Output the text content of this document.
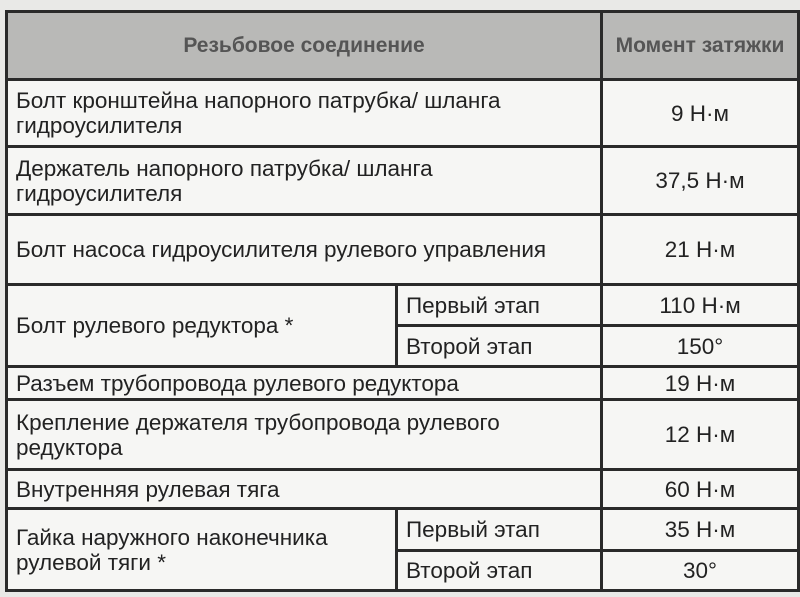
Резьбовое соединение		Момент затяжки
Болт кронштейна напорного патрубка/ шланга гидроусилителя		9 Н·м
Держатель напорного патрубка/ шланга гидроусилителя		37,5 Н·м
Болт насоса гидроусилителя рулевого управления		21 Н·м
Болт рулевого редуктора *	Первый этап	110 Н·м
	Второй этап	150°
Разъем трубопровода рулевого редуктора		19 Н·м
Крепление держателя трубопровода рулевого редуктора		12 Н·м
Внутренняя рулевая тяга		60 Н·м
Гайка наружного наконечника рулевой тяги *	Первый этап	35 Н·м
	Второй этап	30°
